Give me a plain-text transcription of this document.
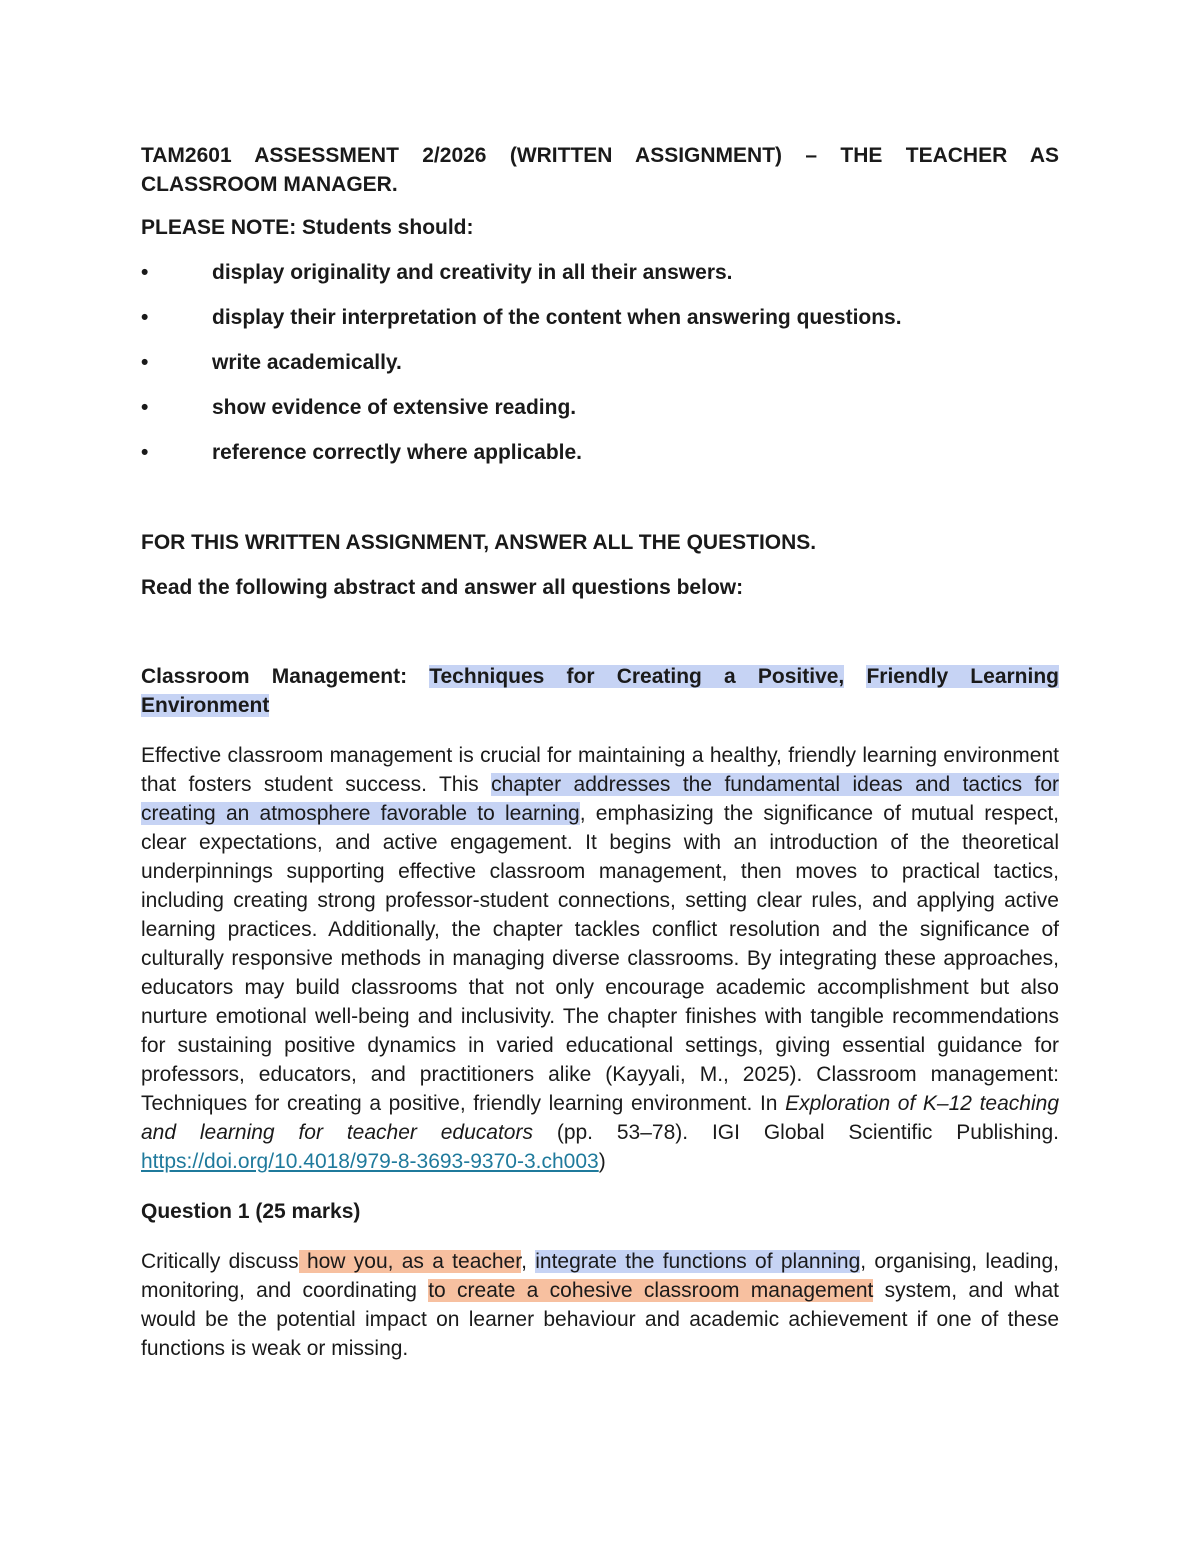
TAM2601 ASSESSMENT 2/2026 (WRITTEN ASSIGNMENT) – THE TEACHER AS CLASSROOM MANAGER.

PLEASE NOTE: Students should:

•	display originality and creativity in all their answers.
•	display their interpretation of the content when answering questions.
•	write academically.
•	show evidence of extensive reading.
•	reference correctly where applicable.

FOR THIS WRITTEN ASSIGNMENT, ANSWER ALL THE QUESTIONS.

Read the following abstract and answer all questions below:

Classroom Management: Techniques for Creating a Positive, Friendly Learning Environment

Effective classroom management is crucial for maintaining a healthy, friendly learning environment that fosters student success. This chapter addresses the fundamental ideas and tactics for creating an atmosphere favorable to learning, emphasizing the significance of mutual respect, clear expectations, and active engagement. It begins with an introduction of the theoretical underpinnings supporting effective classroom management, then moves to practical tactics, including creating strong professor-student connections, setting clear rules, and applying active learning practices. Additionally, the chapter tackles conflict resolution and the significance of culturally responsive methods in managing diverse classrooms. By integrating these approaches, educators may build classrooms that not only encourage academic accomplishment but also nurture emotional well-being and inclusivity. The chapter finishes with tangible recommendations for sustaining positive dynamics in varied educational settings, giving essential guidance for professors, educators, and practitioners alike (Kayyali, M., 2025). Classroom management: Techniques for creating a positive, friendly learning environment. In Exploration of K–12 teaching and learning for teacher educators (pp. 53–78). IGI Global Scientific Publishing. https://doi.org/10.4018/979-8-3693-9370-3.ch003)

Question 1 (25 marks)

Critically discuss how you, as a teacher, integrate the functions of planning, organising, leading, monitoring, and coordinating to create a cohesive classroom management system, and what would be the potential impact on learner behaviour and academic achievement if one of these functions is weak or missing.
